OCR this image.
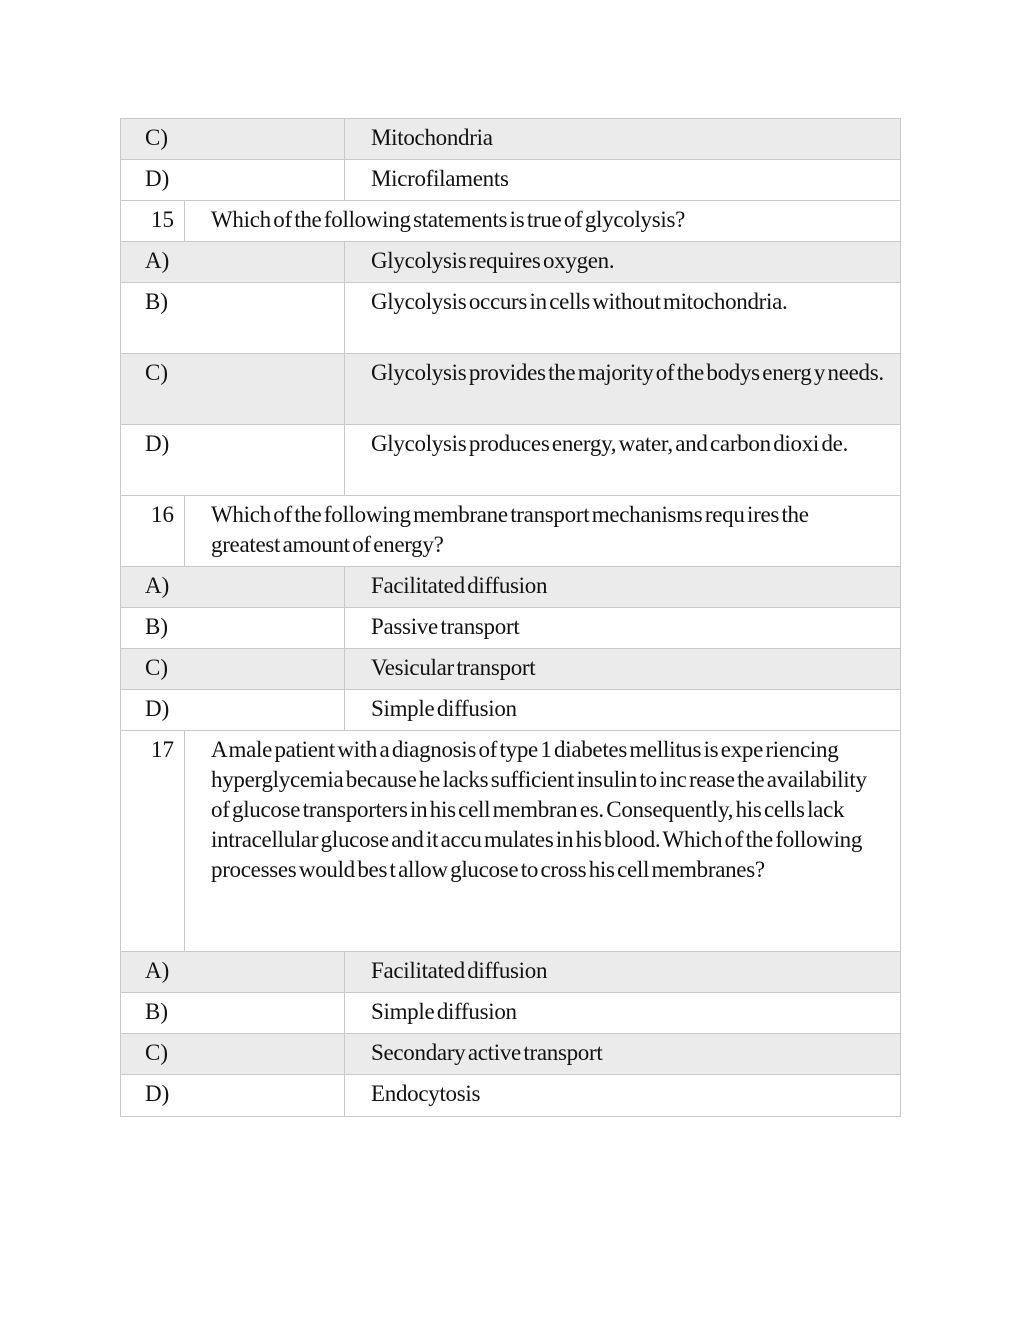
C)	Mitochondria
D)	Microfilaments
15	Which of the following statements is true of glycolysis?
A)	Glycolysis requires oxygen.
B)	Glycolysis occurs in cells without mitochondria.
C)	Glycolysis provides the majority of the bodys energ y needs.
D)	Glycolysis produces energy, water, and carbon dioxi de.
16	Which of the following membrane transport mechanisms requ ires the greatest amount of energy?
A)	Facilitated diffusion
B)	Passive transport
C)	Vesicular transport
D)	Simple diffusion
17	A male patient with a diagnosis of type 1 diabetes mellitus is expe riencing hyperglycemia because he lacks sufficient insulin to inc rease the availability of glucose transporters in his cell membran es. Consequently, his cells lack intracellular glucose and it accu mulates in his blood. Which of the following processes would bes t allow glucose to cross his cell membranes?
A)	Facilitated diffusion
B)	Simple diffusion
C)	Secondary active transport
D)	Endocytosis
